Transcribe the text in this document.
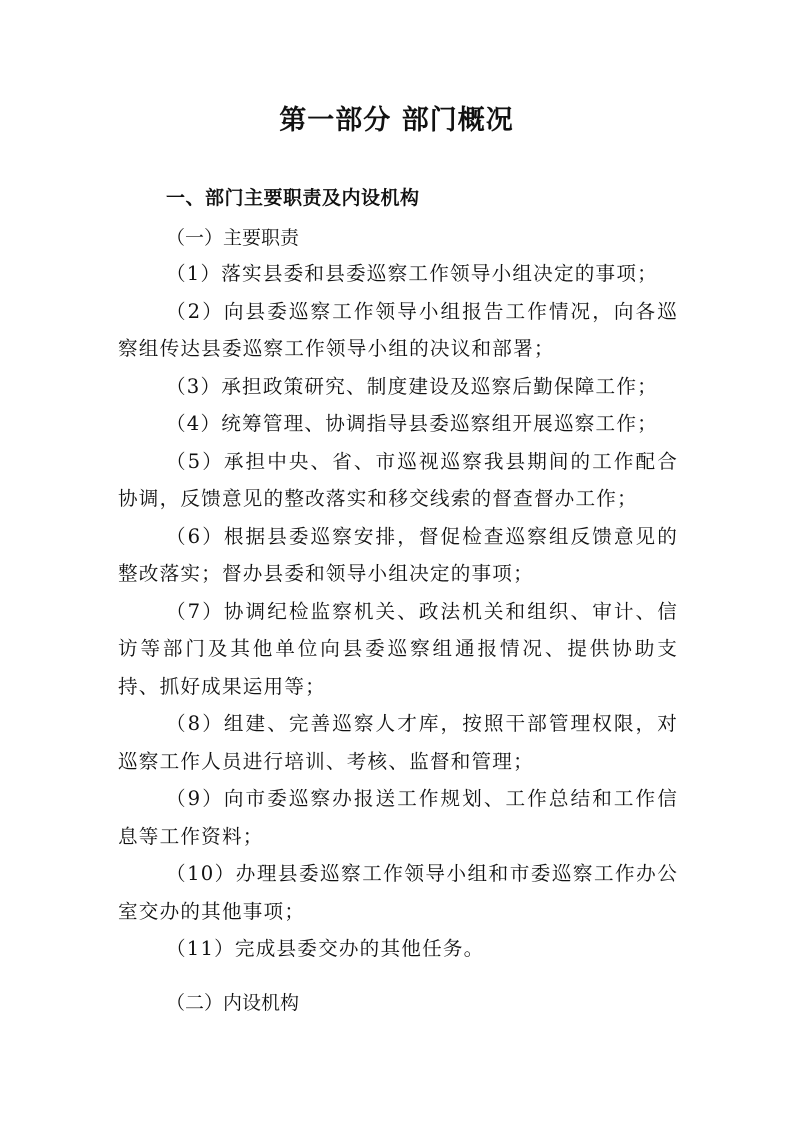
第一部分 部门概况
一、部门主要职责及内设机构

（一）主要职责

（1）落实县委和县委巡察工作领导小组决定的事项；

（2）向县委巡察工作领导小组报告工作情况，向各巡察组传达县委巡察工作领导小组的决议和部署；

（3）承担政策研究、制度建设及巡察后勤保障工作；

（4）统筹管理、协调指导县委巡察组开展巡察工作；

（5）承担中央、省、市巡视巡察我县期间的工作配合协调，反馈意见的整改落实和移交线索的督查督办工作；

（6）根据县委巡察安排，督促检查巡察组反馈意见的整改落实；督办县委和领导小组决定的事项；

（7）协调纪检监察机关、政法机关和组织、审计、信访等部门及其他单位向县委巡察组通报情况、提供协助支持、抓好成果运用等；

（8）组建、完善巡察人才库，按照干部管理权限，对巡察工作人员进行培训、考核、监督和管理；

（9）向市委巡察办报送工作规划、工作总结和工作信息等工作资料；

（10）办理县委巡察工作领导小组和市委巡察工作办公室交办的其他事项；

（11）完成县委交办的其他任务。

（二）内设机构
